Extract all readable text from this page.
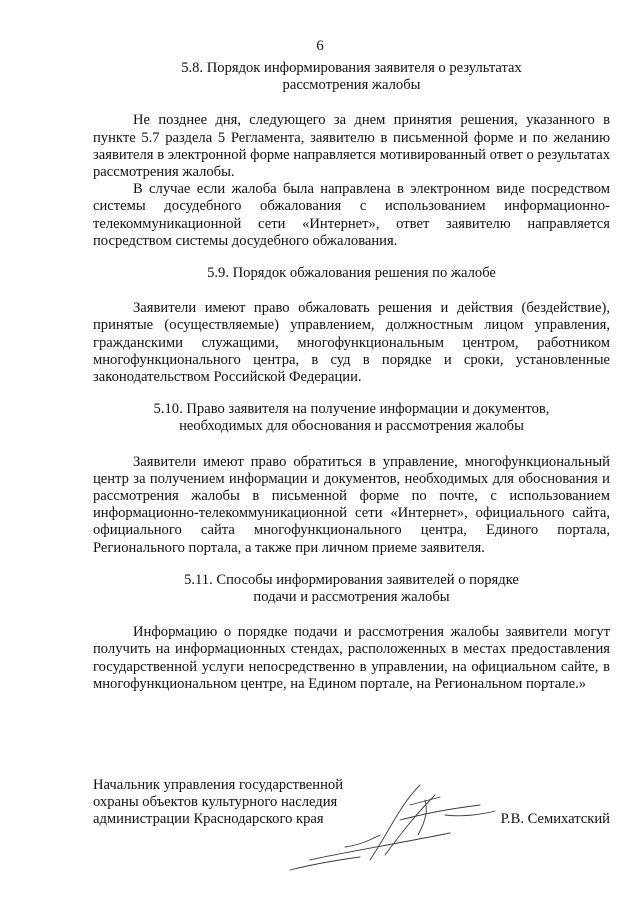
6

5.8. Порядок информирования заявителя о результатах
рассмотрения жалобы

Не позднее дня, следующего за днем принятия решения, указанного в пункте 5.7 раздела 5 Регламента, заявителю в письменной форме и по желанию заявителя в электронной форме направляется мотивированный ответ о результатах рассмотрения жалобы.

В случае если жалоба была направлена в электронном виде посредством системы досудебного обжалования с использованием информационно-телекоммуникационной сети «Интернет», ответ заявителю направляется посредством системы досудебного обжалования.

5.9. Порядок обжалования решения по жалобе

Заявители имеют право обжаловать решения и действия (бездействие), принятые (осуществляемые) управлением, должностным лицом управления, гражданскими служащими, многофункциональным центром, работником многофункционального центра, в суд в порядке и сроки, установленные законодательством Российской Федерации.

5.10. Право заявителя на получение информации и документов,
необходимых для обоснования и рассмотрения жалобы

Заявители имеют право обратиться в управление, многофункциональный центр за получением информации и документов, необходимых для обоснования и рассмотрения жалобы в письменной форме по почте, с использованием информационно-телекоммуникационной сети «Интернет», официального сайта, официального сайта многофункционального центра, Единого портала, Регионального портала, а также при личном приеме заявителя.

5.11. Способы информирования заявителей о порядке
подачи и рассмотрения жалобы

Информацию о порядке подачи и рассмотрения жалобы заявители могут получить на информационных стендах, расположенных в местах предоставления государственной услуги непосредственно в управлении, на официальном сайте, в многофункциональном центре, на Едином портале, на Региональном портале.»

Начальник управления государственной
охраны объектов культурного наследия
администрации Краснодарского края	Р.В. Семихатский
